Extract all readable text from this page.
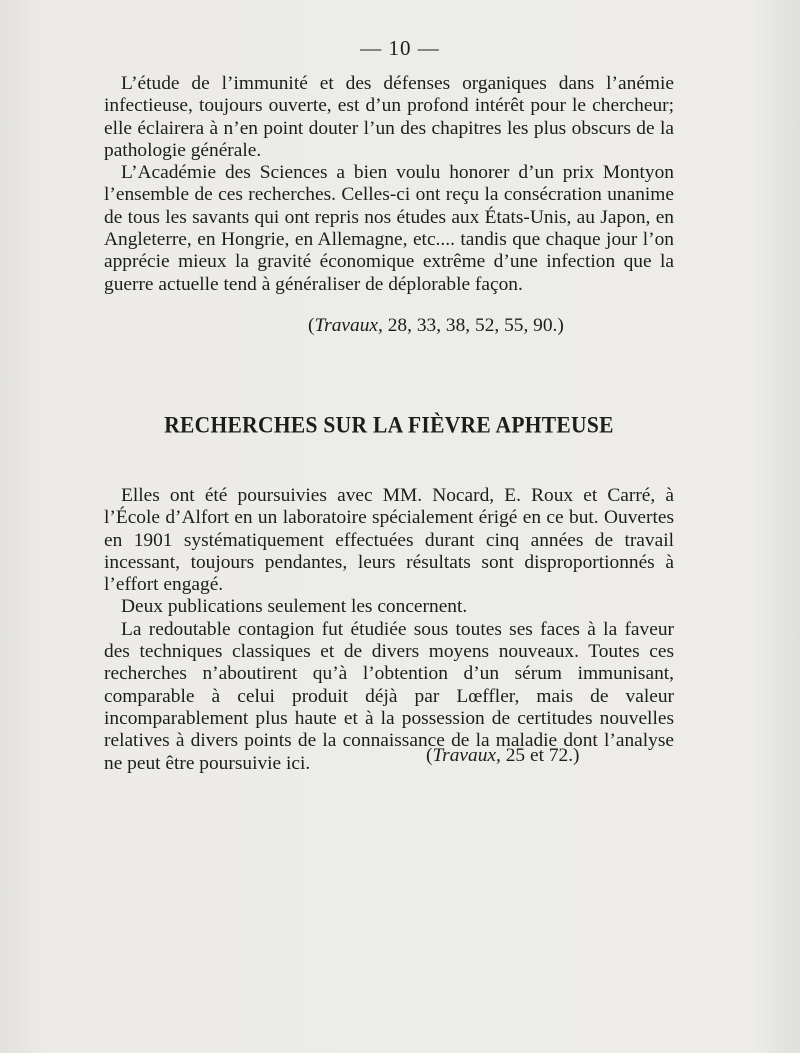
— 10 —

L’étude de l’immunité et des défenses organiques dans l’anémie infectieuse, toujours ouverte, est d’un profond intérêt pour le chercheur; elle éclairera à n’en point douter l’un des chapitres les plus obscurs de la pathologie générale.

L’Académie des Sciences a bien voulu honorer d’un prix Montyon l’ensemble de ces recherches. Celles-ci ont reçu la consécration unanime de tous les savants qui ont repris nos études aux États-Unis, au Japon, en Angleterre, en Hongrie, en Allemagne, etc.... tandis que chaque jour l’on apprécie mieux la gravité économique extrême d’une infection que la guerre actuelle tend à généraliser de déplorable façon.

(Travaux, 28, 33, 38, 52, 55, 90.)
RECHERCHES SUR LA FIÈVRE APHTEUSE

Elles ont été poursuivies avec MM. Nocard, E. Roux et Carré, à l’École d’Alfort en un laboratoire spécialement érigé en ce but. Ouvertes en 1901 systématiquement effectuées durant cinq années de travail incessant, toujours pendantes, leurs résultats sont disproportionnés à l’effort engagé.

Deux publications seulement les concernent.

La redoutable contagion fut étudiée sous toutes ses faces à la faveur des techniques classiques et de divers moyens nouveaux. Toutes ces recherches n’aboutirent qu’à l’obtention d’un sérum immunisant, comparable à celui produit déjà par Lœffler, mais de valeur incomparablement plus haute et à la possession de certitudes nouvelles relatives à divers points de la connaissance de la maladie dont l’analyse ne peut être poursuivie ici.	(Travaux, 25 et 72.)
